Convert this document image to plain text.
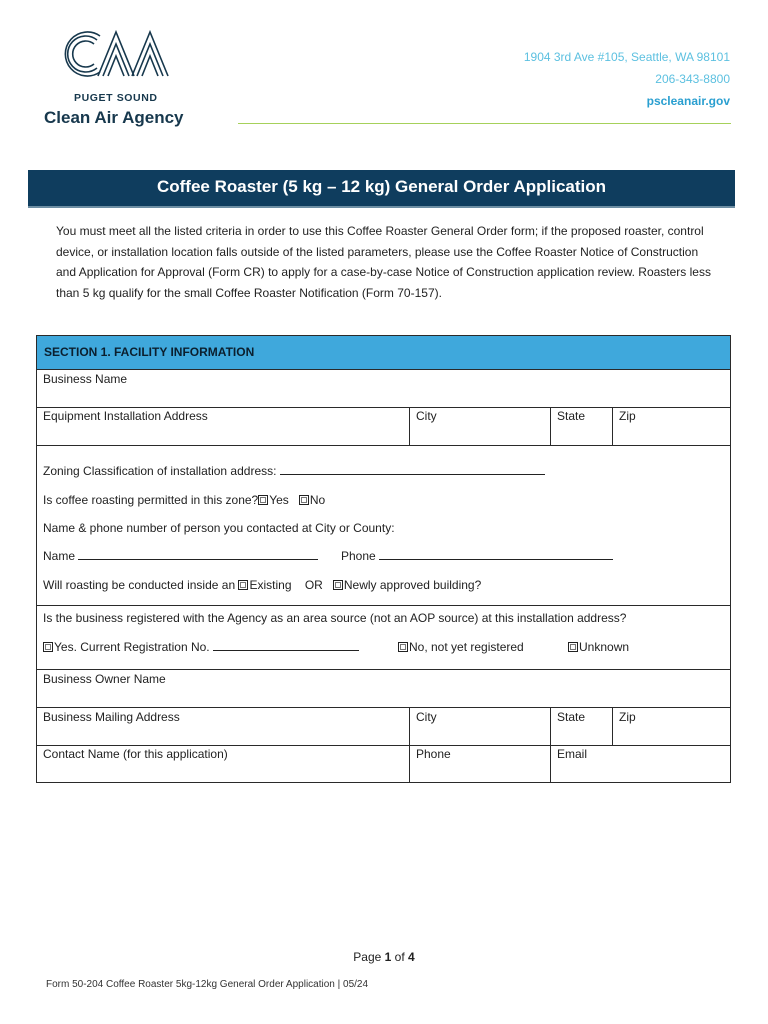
PUGET SOUND
Clean Air Agency
1904 3rd Ave #105, Seattle, WA 98101
206-343-8800
pscleanair.gov
Coffee Roaster (5 kg – 12 kg) General Order Application
You must meet all the listed criteria in order to use this Coffee Roaster General Order form; if the proposed roaster, control device, or installation location falls outside of the listed parameters, please use the Coffee Roaster Notice of Construction and Application for Approval (Form CR) to apply for a case-by-case Notice of Construction application review. Roasters less than 5 kg qualify for the small Coffee Roaster Notification (Form 70-157).
SECTION 1. FACILITY INFORMATION
Business Name
Equipment Installation Address	City	State	Zip
Zoning Classification of installation address:
Is coffee roasting permitted in this zone? Yes No
Name & phone number of person you contacted at City or County:
Name	Phone
Will roasting be conducted inside an Existing OR Newly approved building?
Is the business registered with the Agency as an area source (not an AOP source) at this installation address?
Yes. Current Registration No.	No, not yet registered	Unknown
Business Owner Name
Business Mailing Address	City	State	Zip
Contact Name (for this application)	Phone	Email
Page 1 of 4
Form 50-204 Coffee Roaster 5kg-12kg General Order Application | 05/24
